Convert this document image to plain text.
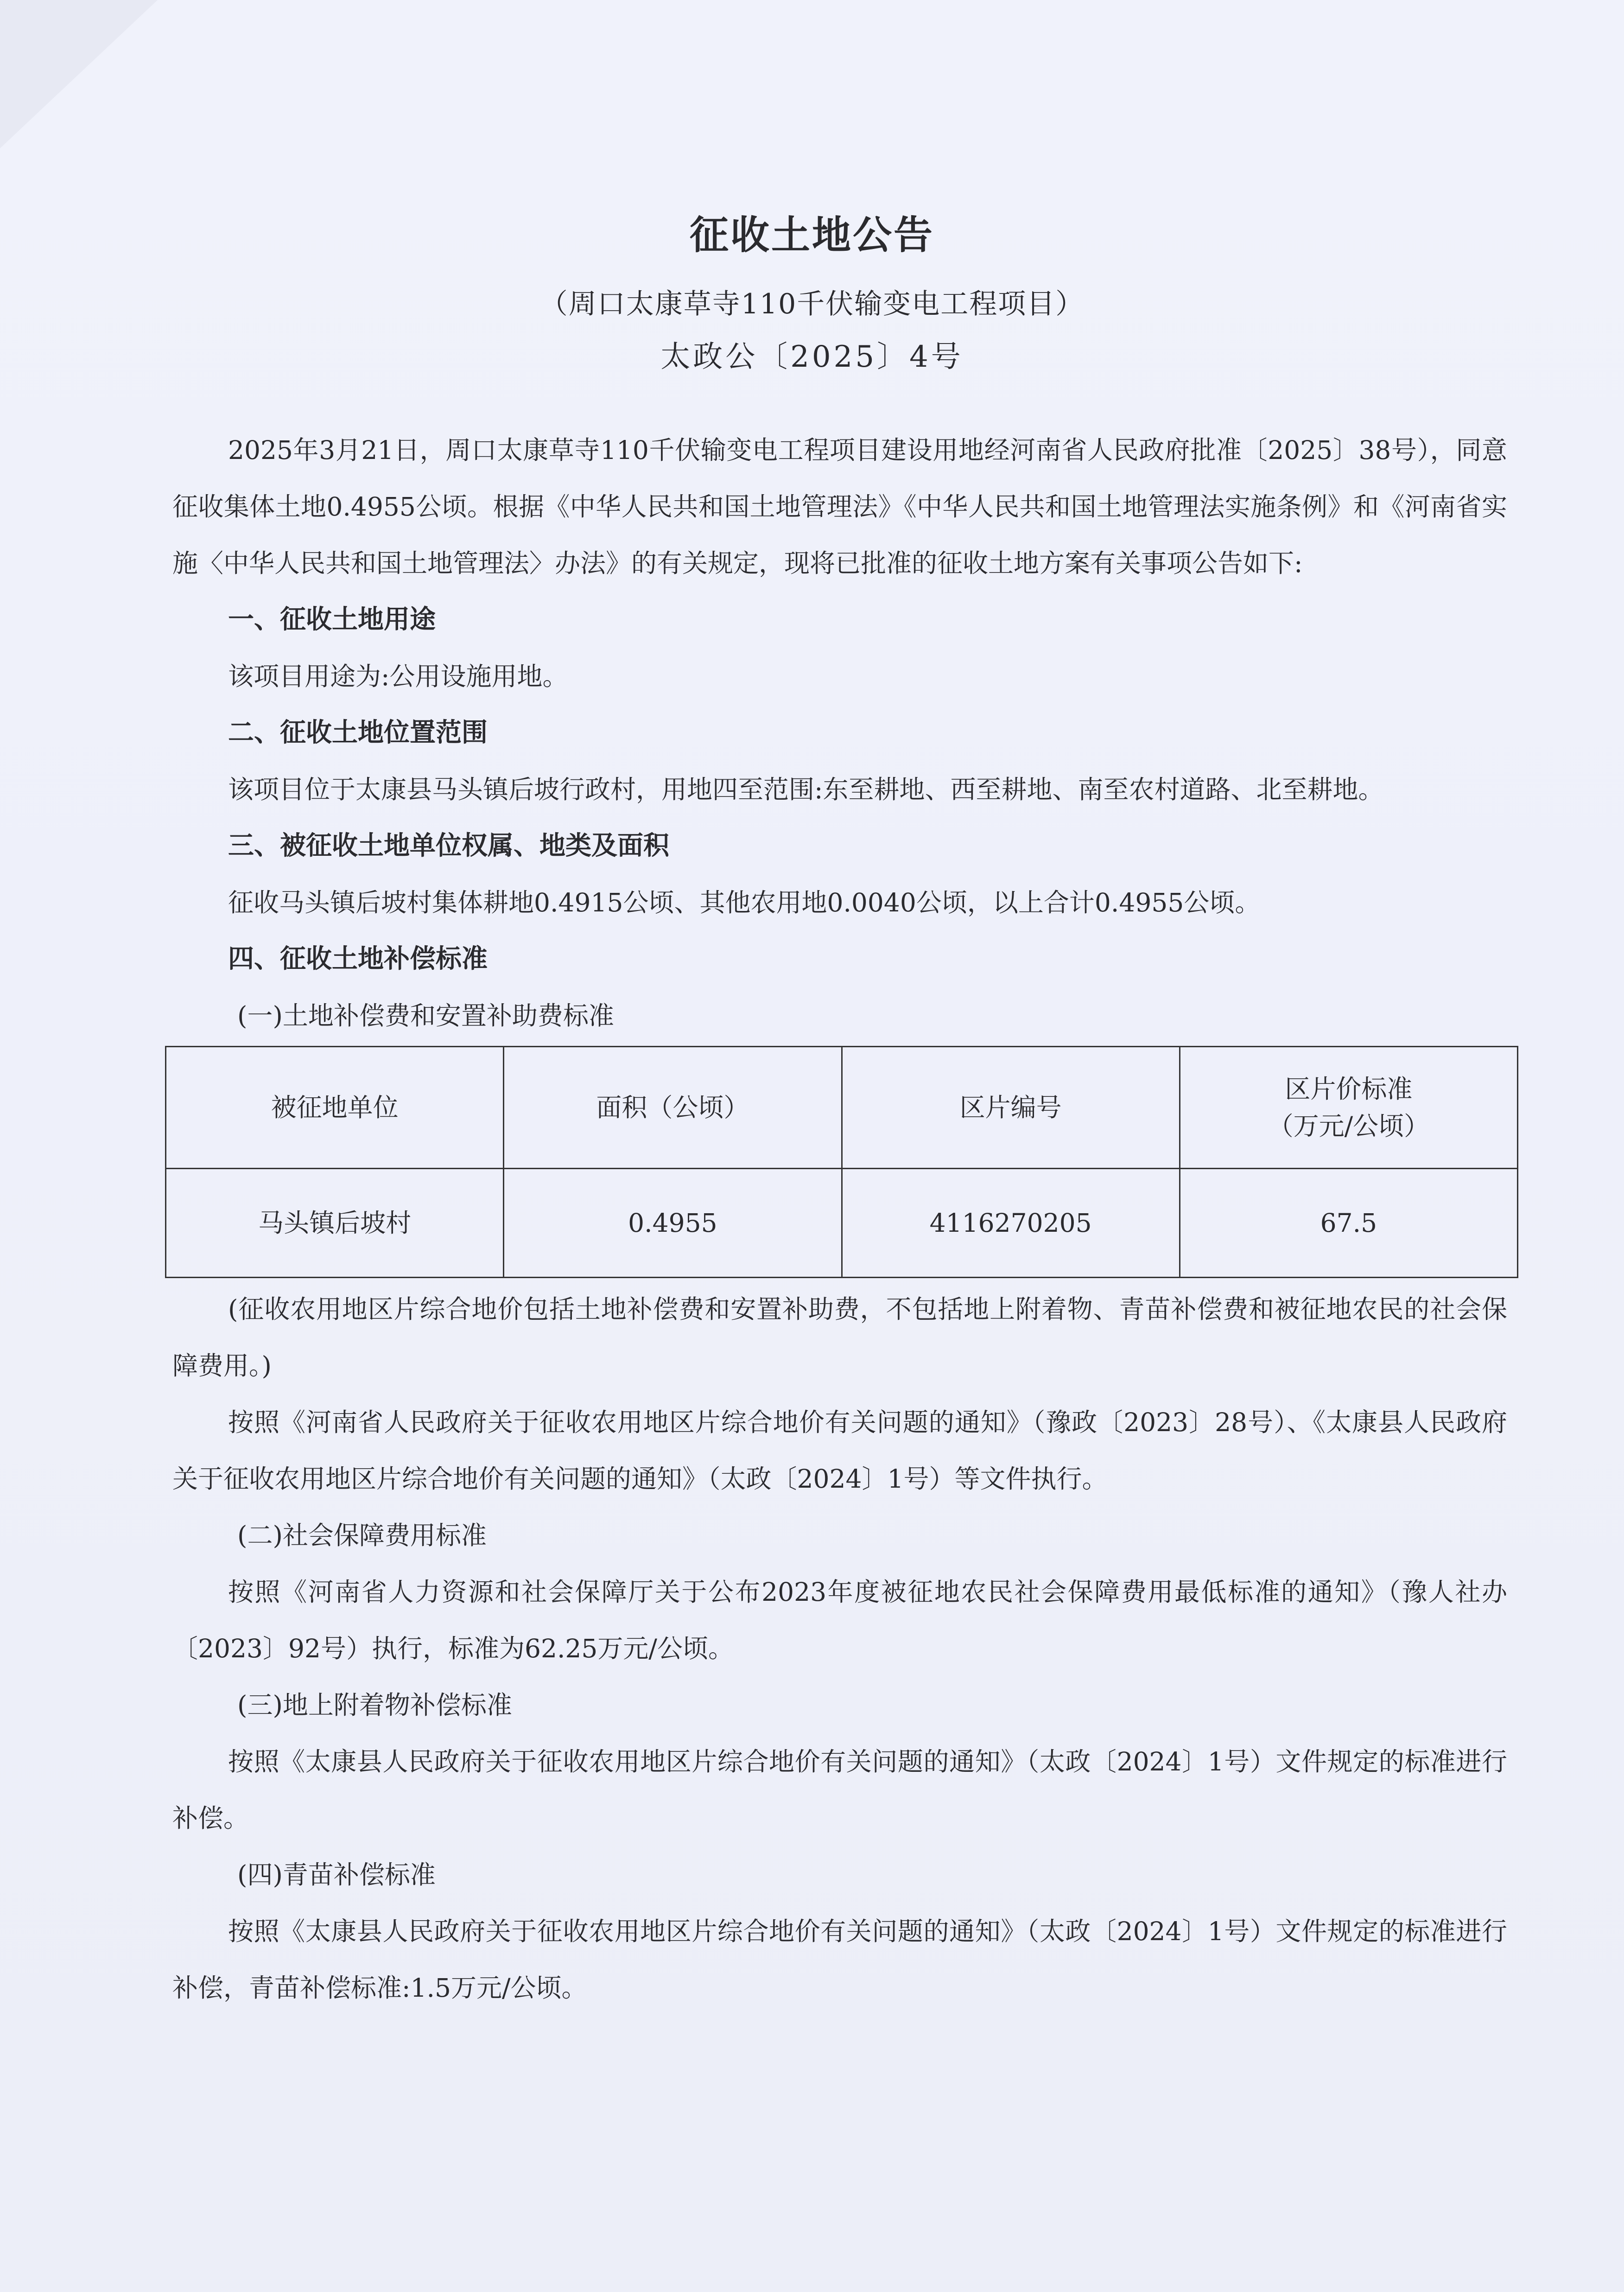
征收土地公告
（周口太康草寺110千伏输变电工程项目）
太政公〔2025〕4号

2025年3月21日，周口太康草寺110千伏输变电工程项目建设用地经河南省人民政府批准〔2025〕38号），同意征收集体土地0.4955公顷。根据《中华人民共和国土地管理法》《中华人民共和国土地管理法实施条例》和《河南省实施〈中华人民共和国土地管理法〉办法》的有关规定，现将已批准的征收土地方案有关事项公告如下:

一、征收土地用途

该项目用途为:公用设施用地。

二、征收土地位置范围

该项目位于太康县马头镇后坡行政村，用地四至范围:东至耕地、西至耕地、南至农村道路、北至耕地。

三、被征收土地单位权属、地类及面积

征收马头镇后坡村集体耕地0.4915公顷、其他农用地0.0040公顷，以上合计0.4955公顷。

四、征收土地补偿标准

(一)土地补偿费和安置补助费标准

被征地单位	面积（公顷）	区片编号	区片价标准
（万元/公顷）

马头镇后坡村	0.4955	4116270205	67.5

(征收农用地区片综合地价包括土地补偿费和安置补助费，不包括地上附着物、青苗补偿费和被征地农民的社会保障费用。)

按照《河南省人民政府关于征收农用地区片综合地价有关问题的通知》（豫政〔2023〕28号）、《太康县人民政府关于征收农用地区片综合地价有关问题的通知》（太政〔2024〕1号）等文件执行。

(二)社会保障费用标准

按照《河南省人力资源和社会保障厅关于公布2023年度被征地农民社会保障费用最低标准的通知》（豫人社办〔2023〕92号）执行，标准为62.25万元/公顷。

(三)地上附着物补偿标准

按照《太康县人民政府关于征收农用地区片综合地价有关问题的通知》（太政〔2024〕1号）文件规定的标准进行补偿。

(四)青苗补偿标准

按照《太康县人民政府关于征收农用地区片综合地价有关问题的通知》（太政〔2024〕1号）文件规定的标准进行补偿，青苗补偿标准:1.5万元/公顷。
